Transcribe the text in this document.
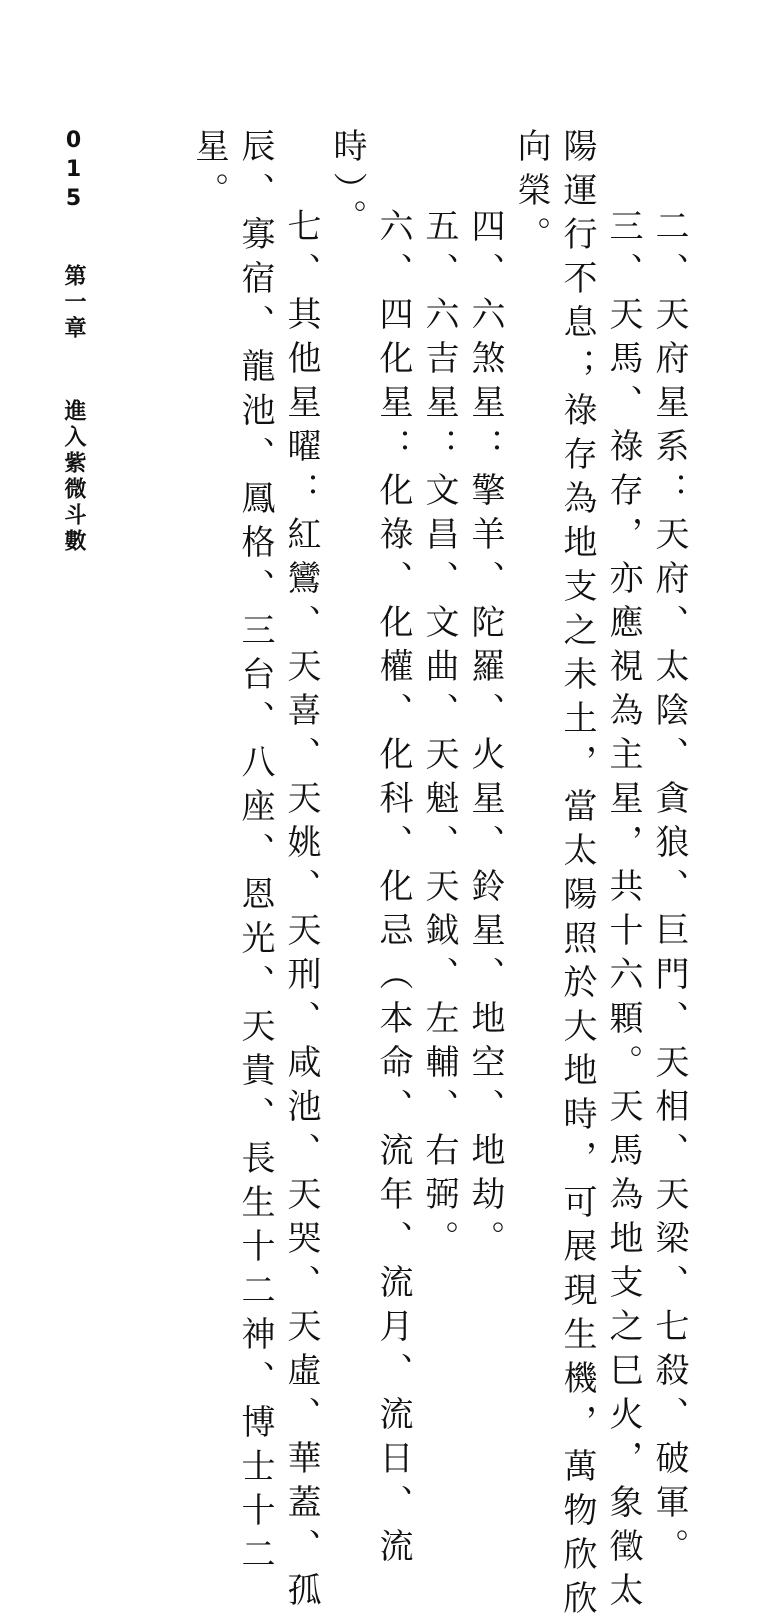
二、天府星系：天府、太陰、貪狼、巨門、天相、天梁、七殺、破軍。
三、天馬、祿存，亦應視為主星，共十六顆。天馬為地支之巳火，象徵太
陽運行不息；祿存為地支之未土，當太陽照於大地時，可展現生機，萬物欣欣
向榮。
四、六煞星：擎羊、陀羅、火星、鈴星、地空、地劫。
五、六吉星：文昌、文曲、天魁、天鉞、左輔、右弼。
六、四化星：化祿、化權、化科、化忌（本命、流年、流月、流日、流
時）。
七、其他星曜：紅鸞、天喜、天姚、天刑、咸池、天哭、天虛、華蓋、孤
辰、寡宿、龍池、鳳格、三台、八座、恩光、天貴、長生十二神、博士十二
星。
015 第一章 進入紫微斗數
